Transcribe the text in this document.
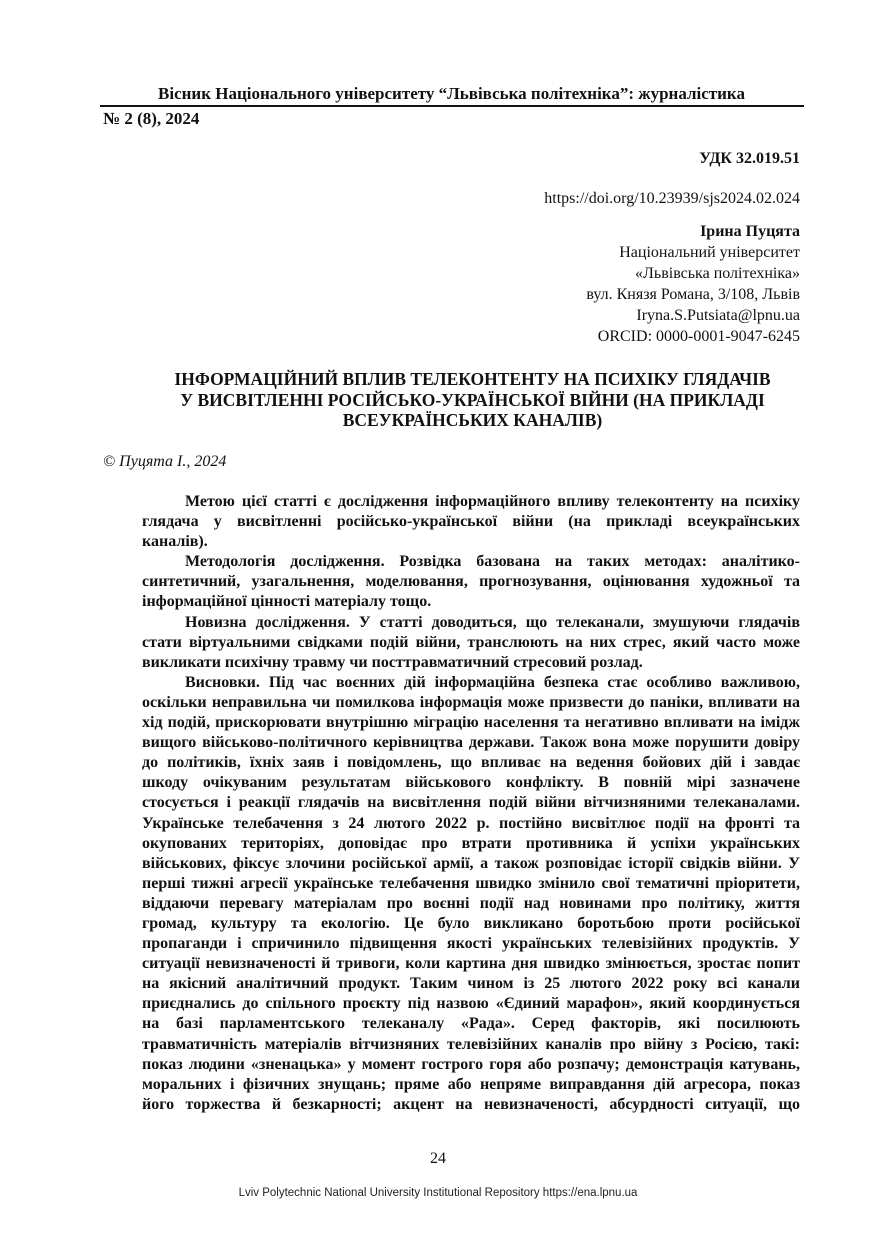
Вісник Національного університету “Львівська політехніка”: журналістика
№ 2 (8), 2024
УДК 32.019.51
https://doi.org/10.23939/sjs2024.02.024
Ірина Пуцята
Національний університет
«Львівська політехніка»
вул. Князя Романа, 3/108, Львів
Iryna.S.Putsiata@lpnu.ua
ORCID: 0000-0001-9047-6245
ІНФОРМАЦІЙНИЙ ВПЛИВ ТЕЛЕКОНТЕНТУ НА ПСИХІКУ ГЛЯДАЧІВ
У ВИСВІТЛЕННІ РОСІЙСЬКО-УКРАЇНСЬКОЇ ВІЙНИ (НА ПРИКЛАДІ
ВСЕУКРАЇНСЬКИХ КАНАЛІВ)
© Пуцята І., 2024
Метою цієї статті є дослідження інформаційного впливу телеконтенту на психіку
глядача у висвітленні російсько-української війни (на прикладі всеукраїнських
каналів).
Методологія дослідження. Розвідка базована на таких методах: аналітико-
синтетичний, узагальнення, моделювання, прогнозування, оцінювання художньої та
інформаційної цінності матеріалу тощо.
Новизна дослідження. У статті доводиться, що телеканали, змушуючи глядачів
стати віртуальними свідками подій війни, транслюють на них стрес, який часто може
викликати психічну травму чи посттравматичний стресовий розлад.
Висновки. Під час воєнних дій інформаційна безпека стає особливо важливою,
оскільки неправильна чи помилкова інформація може призвести до паніки, впливати на
хід подій, прискорювати внутрішню міграцію населення та негативно впливати на імідж
вищого військово-політичного керівництва держави. Також вона може порушити довіру
до політиків, їхніх заяв і повідомлень, що впливає на ведення бойових дій і завдає
шкоду очікуваним результатам військового конфлікту. В повній мірі зазначене
стосується і реакції глядачів на висвітлення подій війни вітчизняними телеканалами.
Українське телебачення з 24 лютого 2022 р. постійно висвітлює події на фронті та
окупованих територіях, доповідає про втрати противника й успіхи українських
військових, фіксує злочини російської армії, а також розповідає історії свідків війни. У
перші тижні агресії українське телебачення швидко змінило свої тематичні пріоритети,
віддаючи перевагу матеріалам про воєнні події над новинами про політику, життя
громад, культуру та екологію. Це було викликано боротьбою проти російської
пропаганди і спричинило підвищення якості українських телевізійних продуктів. У
ситуації невизначеності й тривоги, коли картина дня швидко змінюється, зростає попит
на якісний аналітичний продукт. Таким чином із 25 лютого 2022 року всі канали
приєднались до спільного проєкту під назвою «Єдиний марафон», який координується
на базі парламентського телеканалу «Рада». Серед факторів, які посилюють
травматичність матеріалів вітчизняних телевізійних каналів про війну з Росією, такі:
показ людини «зненацька» у момент гострого горя або розпачу; демонстрація катувань,
моральних і фізичних знущань; пряме або непряме виправдання дій агресора, показ
його торжества й безкарності; акцент на невизначеності, абсурдності ситуації, що
24
Lviv Polytechnic National University Institutional Repository https://ena.lpnu.ua
